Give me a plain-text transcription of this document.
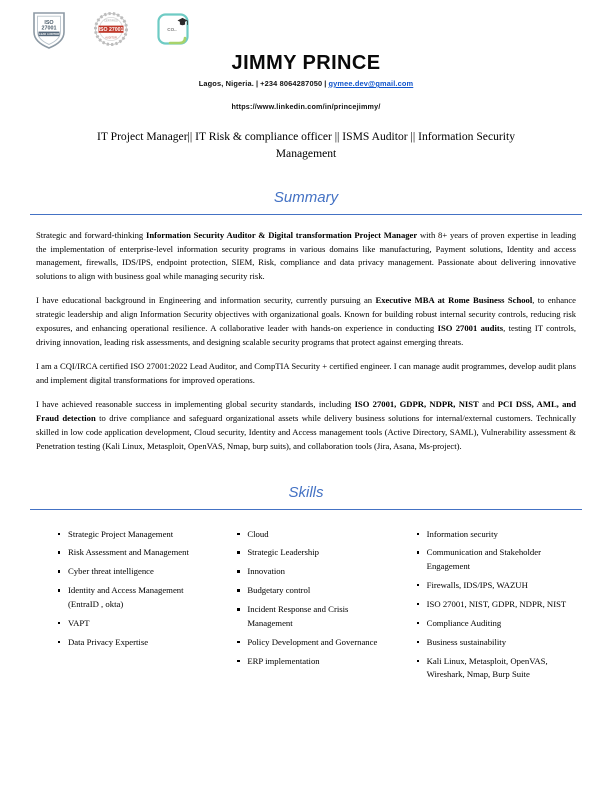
ISO
27001
LEAD AUDITOR
ISO 27001
CERTIFIED
AUDITOR
CO..
JIMMY PRINCE
Lagos, Nigeria. | +234 8064287050 | gymee.dev@gmail.com
https://www.linkedin.com/in/princejimmy/
IT Project Manager|| IT Risk & compliance officer || ISMS Auditor || Information Security Management
Summary

Strategic and forward-thinking Information Security Auditor & Digital transformation Project Manager with 8+ years of proven expertise in leading the implementation of enterprise-level information security programs in various domains like manufacturing, Payment solutions, Identity and access management, firewalls, IDS/IPS, endpoint protection, SIEM, Risk, compliance and data privacy management. Passionate about delivering innovative solutions to align with business goal while managing security risk.

I have educational background in Engineering and information security, currently pursuing an Executive MBA at Rome Business School, to enhance strategic leadership and align Information Security objectives with organizational goals. Known for building robust internal security controls, reducing risk exposures, and enhancing operational resilience. A collaborative leader with hands-on experience in conducting ISO 27001 audits, testing IT controls, driving innovation, leading risk assessments, and designing scalable security programs that protect against emerging threats.

I am a CQI/IRCA certified ISO 27001:2022 Lead Auditor, and CompTIA Security + certified engineer. I can manage audit programmes, develop audit plans and implement digital transformations for improved operations.

I have achieved reasonable success in implementing global security standards, including ISO 27001, GDPR, NDPR, NIST and PCI DSS, AML, and Fraud detection to drive compliance and safeguard organizational assets while delivery business solutions for internal/external customers. Technically skilled in low code application development, Cloud security, Identity and Access management tools (Active Directory, SAML), Vulnerability assessment & Penetration testing (Kali Linux, Metasploit, OpenVAS, Nmap, burp suits), and collaboration tools (Jira, Asana, Ms-project).

Skills
Strategic Project Management
Risk Assessment and Management
Cyber threat intelligence
Identity and Access Management (EntraID , okta)
VAPT
Data Privacy Expertise
Cloud
Strategic Leadership
Innovation
Budgetary control
Incident Response and Crisis Management
Policy Development and Governance
ERP implementation
Information security
Communication and Stakeholder Engagement
Firewalls, IDS/IPS, WAZUH
ISO 27001, NIST, GDPR, NDPR, NIST
Compliance Auditing
Business sustainability
Kali Linux, Metasploit, OpenVAS, Wireshark, Nmap, Burp Suite
